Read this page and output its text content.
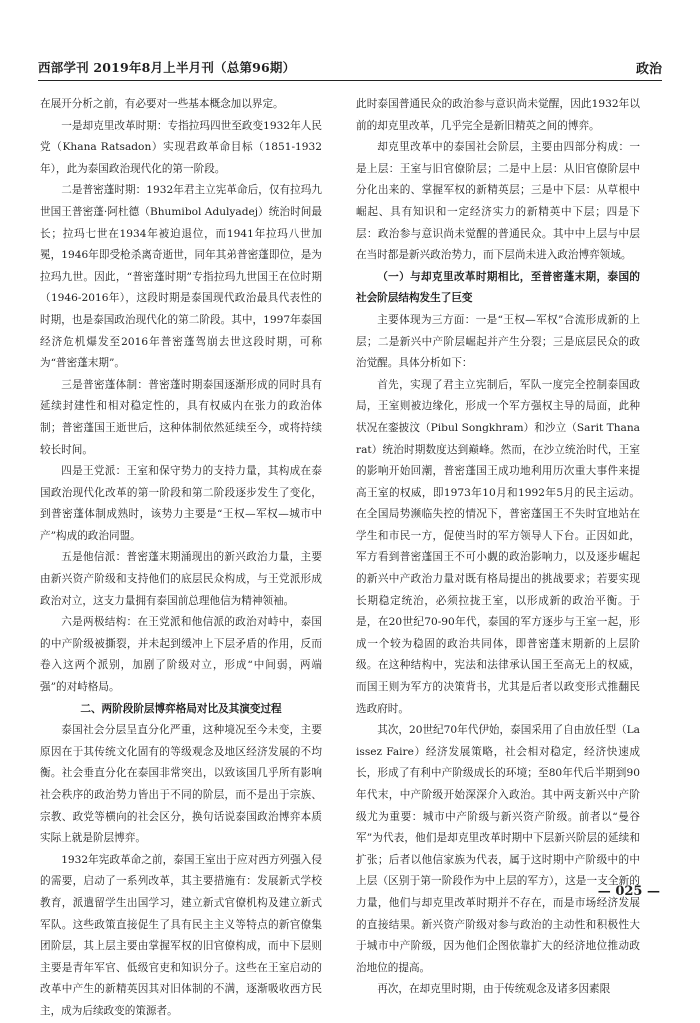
西部学刊 2019年8月上半月刊（总第96期）	政治

在展开分析之前，有必要对一些基本概念加以界定。

一是却克里改革时期：专指拉玛四世至政变1932年人民党（Khana Ratsadon）实现君政革命目标（1851-1932年），此为泰国政治现代化的第一阶段。

二是普密蓬时期：1932年君主立宪革命后，仅有拉玛九世国王普密蓬·阿杜德（Bhumibol Adulyadej）统治时间最长；拉玛七世在1934年被迫退位，而1941年拉玛八世加冕，1946年即受枪杀离奇逝世，同年其弟普密蓬即位，是为拉玛九世。因此，“普密蓬时期”专指拉玛九世国王在位时期（1946-2016年），这段时期是泰国现代政治最具代表性的时期，也是泰国政治现代化的第二阶段。其中，1997年泰国经济危机爆发至2016年普密蓬驾崩去世这段时期，可称为“普密蓬末期”。

三是普密蓬体制：普密蓬时期泰国逐渐形成的同时具有延续封建性和相对稳定性的，具有权威内在张力的政治体制；普密蓬国王逝世后，这种体制依然延续至今，或将持续较长时间。

四是王党派：王室和保守势力的支持力量，其构成在泰国政治现代化改革的第一阶段和第二阶段逐步发生了变化，到普密蓬体制成熟时，该势力主要是“王权—军权—城市中产”构成的政治同盟。

五是他信派：普密蓬末期涌现出的新兴政治力量，主要由新兴资产阶级和支持他们的底层民众构成，与王党派形成政治对立，这支力量拥有泰国前总理他信为精神领袖。

六是两极结构：在王党派和他信派的政治对峙中，泰国的中产阶级被撕裂，并未起到缓冲上下层矛盾的作用，反而卷入这两个派别，加剧了阶级对立，形成“中间弱，两端强”的对峙格局。

二、两阶段阶层博弈格局对比及其演变过程

泰国社会分层呈直分化严重，这种境况至今未变，主要原因在于其传统文化固有的等级观念及地区经济发展的不均衡。社会垂直分化在泰国非常突出，以致该国几乎所有影响社会秩序的政治势力皆出于不同的阶层，而不是出于宗族、宗教、政党等横向的社会区分，换句话说泰国政治博弈本质实际上就是阶层博弈。

1932年宪政革命之前，泰国王室出于应对西方列强入侵的需要，启动了一系列改革，其主要措施有：发展新式学校教育，派遣留学生出国学习，建立新式官僚机构及建立新式军队。这些政策直接促生了具有民主主义等特点的新官僚集团阶层，其上层主要由掌握军权的旧官僚构成，而中下层则主要是青年军官、低级官吏和知识分子。这些在王室启动的改革中产生的新精英因其对旧体制的不满，逐渐吸收西方民主，成为后续政变的策源者。

此时泰国普通民众的政治参与意识尚未觉醒，因此1932年以前的却克里改革，几乎完全是新旧精英之间的博弈。

却克里改革中的泰国社会阶层，主要由四部分构成：一是上层：王室与旧官僚阶层；二是中上层：从旧官僚阶层中分化出来的、掌握军权的新精英层；三是中下层：从草根中崛起、具有知识和一定经济实力的新精英中下层；四是下层：政治参与意识尚未觉醒的普通民众。其中中上层与中层在当时都是新兴政治势力，而下层尚未进入政治博弈领域。

（一）与却克里改革时期相比，至普密蓬末期，泰国的社会阶层结构发生了巨变

主要体现为三方面：一是“王权—军权”合流形成新的上层；二是新兴中产阶层崛起并产生分裂；三是底层民众的政治觉醒。具体分析如下：

首先，实现了君主立宪制后，军队一度完全控制泰国政局，王室则被边缘化，形成一个军方强权主导的局面，此种状况在銮披汶（Pibul Songkhram）和沙立（Sarit Thanarat）统治时期数度达到巅峰。然而，在沙立统治时代，王室的影响开始回潮，普密蓬国王成功地利用历次重大事件来提高王室的权威，即1973年10月和1992年5月的民主运动。在全国局势濒临失控的情况下，普密蓬国王不失时宜地站在学生和市民一方，促使当时的军方领导人下台。正因如此，军方看到普密蓬国王不可小觑的政治影响力，以及逐步崛起的新兴中产政治力量对既有格局提出的挑战要求；若要实现长期稳定统治，必须拉拢王室，以形成新的政治平衡。于是，在20世纪70-90年代，泰国的军方逐步与王室一起，形成一个较为稳固的政治共同体，即普密蓬末期新的上层阶级。在这种结构中，宪法和法律承认国王至高无上的权威，而国王则为军方的决策背书，尤其是后者以政变形式推翻民选政府时。

其次，20世纪70年代伊始，泰国采用了自由放任型（Laissez Faire）经济发展策略，社会相对稳定，经济快速成长，形成了有利中产阶级成长的环境；至80年代后半期到90年代末，中产阶级开始深深介入政治。其中两支新兴中产阶级尤为重要：城市中产阶级与新兴资产阶级。前者以“曼谷军”为代表，他们是却克里改革时期中下层新兴阶层的延续和扩张；后者以他信家族为代表，属于这时期中产阶级中的中上层（区别于第一阶段作为中上层的军方），这是一支全新的力量，他们与却克里改革时期并不存在，而是市场经济发展的直接结果。新兴资产阶级对参与政治的主动性和积极性大于城市中产阶级，因为他们企图依靠扩大的经济地位推动政治地位的提高。

再次，在却克里时期，由于传统观念及诸多因素限

— 025 —
